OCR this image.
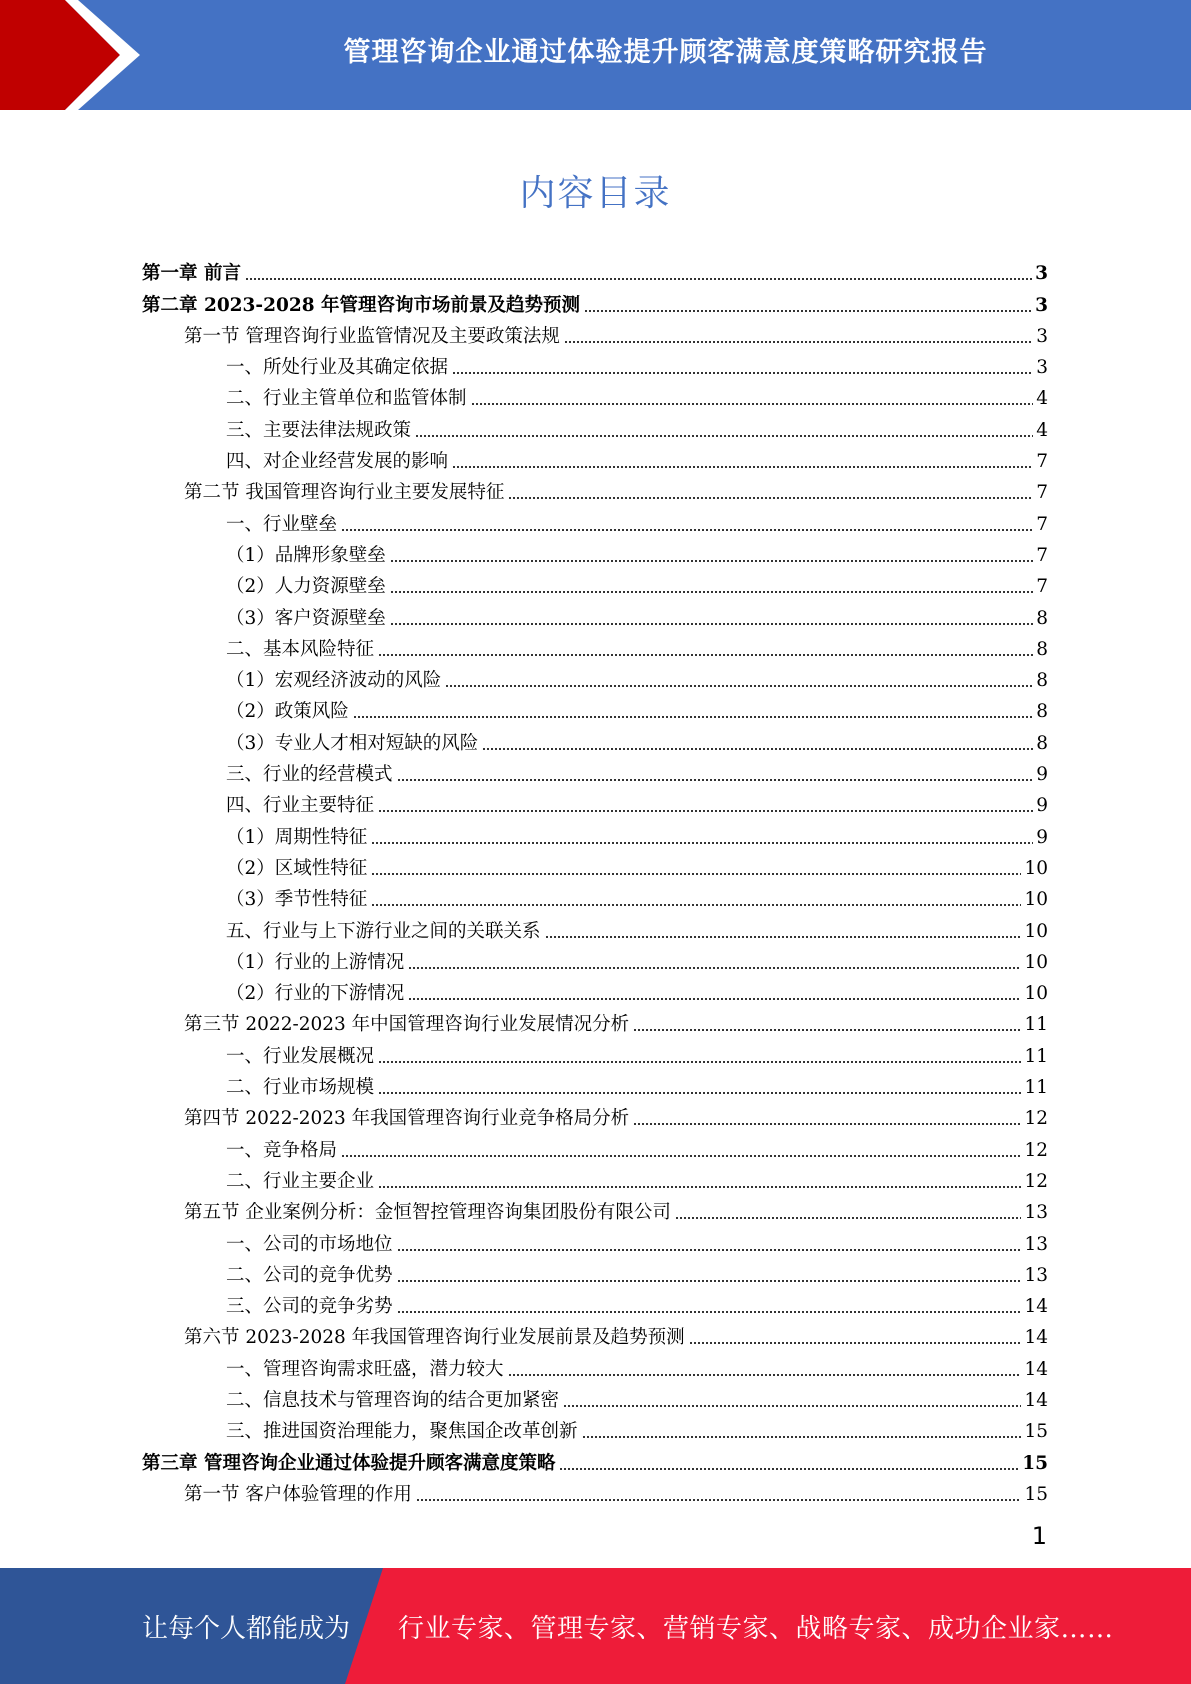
管理咨询企业通过体验提升顾客满意度策略研究报告
内容目录
第一章 前言	3
第二章 2023-2028 年管理咨询市场前景及趋势预测	3
第一节 管理咨询行业监管情况及主要政策法规	3
一、所处行业及其确定依据	3
二、行业主管单位和监管体制	4
三、主要法律法规政策	4
四、对企业经营发展的影响	7
第二节 我国管理咨询行业主要发展特征	7
一、行业壁垒	7
（1）品牌形象壁垒	7
（2）人力资源壁垒	7
（3）客户资源壁垒	8
二、基本风险特征	8
（1）宏观经济波动的风险	8
（2）政策风险	8
（3）专业人才相对短缺的风险	8
三、行业的经营模式	9
四、行业主要特征	9
（1）周期性特征	9
（2）区域性特征	10
（3）季节性特征	10
五、行业与上下游行业之间的关联关系	10
（1）行业的上游情况	10
（2）行业的下游情况	10
第三节 2022-2023 年中国管理咨询行业发展情况分析	11
一、行业发展概况	11
二、行业市场规模	11
第四节 2022-2023 年我国管理咨询行业竞争格局分析	12
一、竞争格局	12
二、行业主要企业	12
第五节 企业案例分析：金恒智控管理咨询集团股份有限公司	13
一、公司的市场地位	13
二、公司的竞争优势	13
三、公司的竞争劣势	14
第六节 2023-2028 年我国管理咨询行业发展前景及趋势预测	14
一、管理咨询需求旺盛，潜力较大	14
二、信息技术与管理咨询的结合更加紧密	14
三、推进国资治理能力，聚焦国企改革创新	15
第三章 管理咨询企业通过体验提升顾客满意度策略	15
第一节 客户体验管理的作用	15
1
让每个人都能成为 行业专家、管理专家、营销专家、战略专家、成功企业家……
